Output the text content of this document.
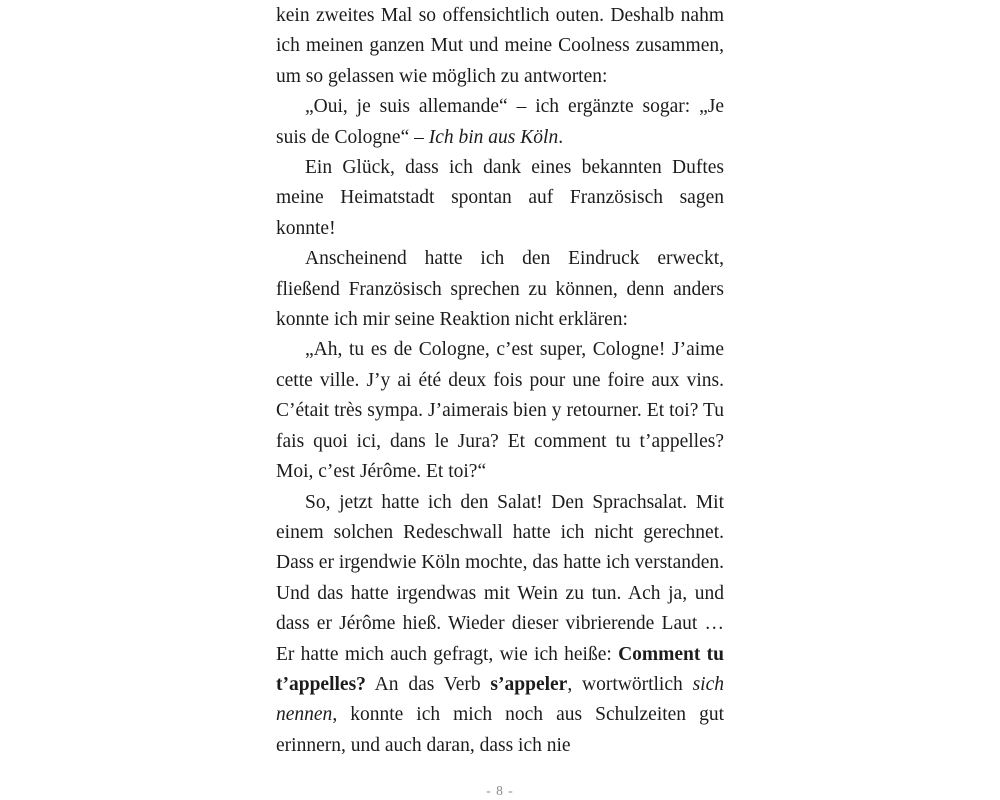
kein zweites Mal so offensichtlich outen. Deshalb nahm ich meinen ganzen Mut und meine Coolness zusammen, um so gelassen wie möglich zu antworten:

„Oui, je suis allemande“ – ich ergänzte sogar: „Je suis de Cologne“ – Ich bin aus Köln.

Ein Glück, dass ich dank eines bekannten Duftes meine Heimatstadt spontan auf Französisch sagen konnte!

Anscheinend hatte ich den Eindruck erweckt, fließend Französisch sprechen zu können, denn anders konnte ich mir seine Reaktion nicht erklären:

„Ah, tu es de Cologne, c’est super, Cologne! J’aime cette ville. J’y ai été deux fois pour une foire aux vins. C’était très sympa. J’aimerais bien y retourner. Et toi? Tu fais quoi ici, dans le Jura? Et comment tu t’appelles? Moi, c’est Jérôme. Et toi?“

So, jetzt hatte ich den Salat! Den Sprachsalat. Mit einem solchen Redeschwall hatte ich nicht gerechnet. Dass er irgendwie Köln mochte, das hatte ich verstanden. Und das hatte irgendwas mit Wein zu tun. Ach ja, und dass er Jérôme hieß. Wieder dieser vibrierende Laut … Er hatte mich auch gefragt, wie ich heiße: Comment tu t’appelles? An das Verb s’appeler, wortwörtlich sich nennen, konnte ich mich noch aus Schulzeiten gut erinnern, und auch daran, dass ich nie

- 8 -
